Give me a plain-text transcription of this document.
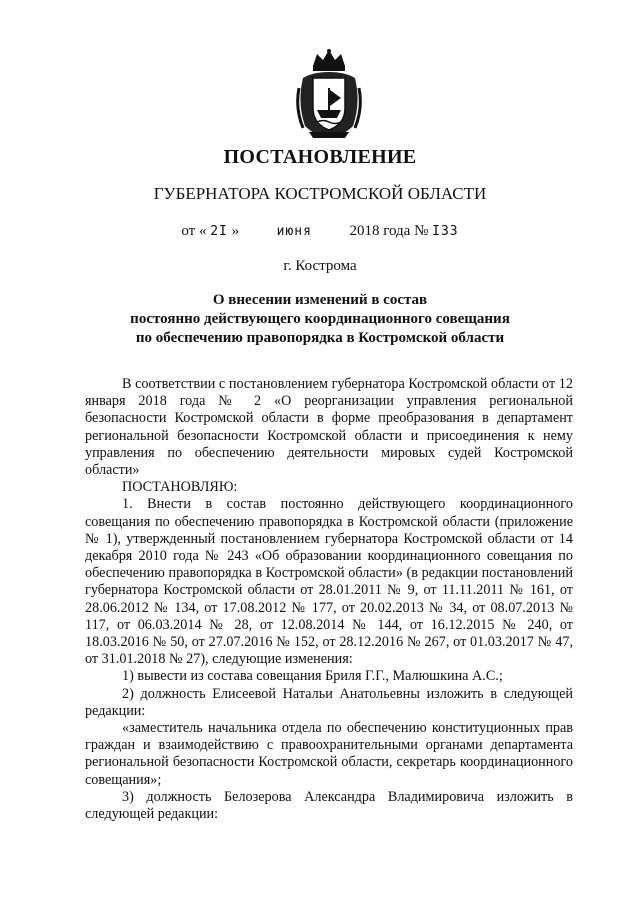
ПОСТАНОВЛЕНИЕ
ГУБЕРНАТОРА КОСТРОМСКОЙ ОБЛАСТИ
от « 2I »	июня	2018 года № I33
г. Кострома
О внесении изменений в состав
постоянно действующего координационного совещания
по обеспечению правопорядка в Костромской области

В соответствии с постановлением губернатора Костромской области от 12 января 2018 года № 2 «О реорганизации управления региональной безопасности Костромской области в форме преобразования в департамент региональной безопасности Костромской области и присоединения к нему управления по обеспечению деятельности мировых судей Костромской области»

ПОСТАНОВЛЯЮ:

1. Внести в состав постоянно действующего координационного совещания по обеспечению правопорядка в Костромской области (приложение № 1), утвержденный постановлением губернатора Костромской области от 14 декабря 2010 года № 243 «Об образовании координационного совещания по обеспечению правопорядка в Костромской области» (в редакции постановлений губернатора Костромской области от 28.01.2011 № 9, от 11.11.2011 № 161, от 28.06.2012 № 134, от 17.08.2012 № 177, от 20.02.2013 № 34, от 08.07.2013 № 117, от 06.03.2014 № 28, от 12.08.2014 № 144, от 16.12.2015 № 240, от 18.03.2016 № 50, от 27.07.2016 № 152, от 28.12.2016 № 267, от 01.03.2017 № 47, от 31.01.2018 № 27), следующие изменения:

1) вывести из состава совещания Бриля Г.Г., Малюшкина А.С.;

2) должность Елисеевой Натальи Анатольевны изложить в следующей редакции:

«заместитель начальника отдела по обеспечению конституционных прав граждан и взаимодействию с правоохранительными органами департамента региональной безопасности Костромской области, секретарь координационного совещания»;

3) должность Белозерова Александра Владимировича изложить в следующей редакции:
